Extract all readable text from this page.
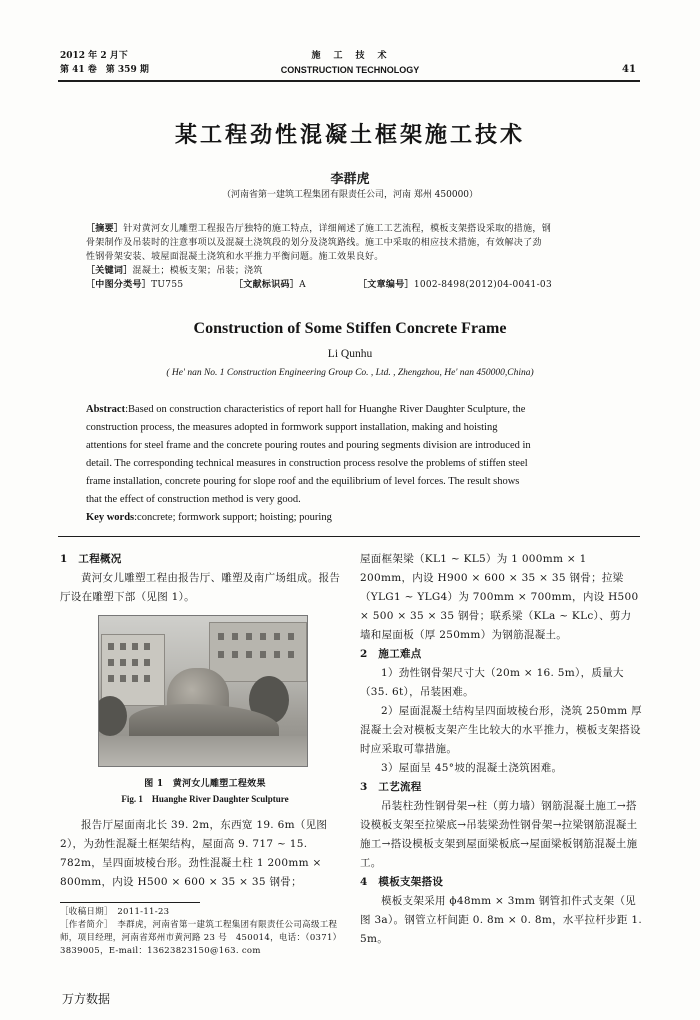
2012 年 2 月下
第 41 卷　第 359 期
施　工　技　术
CONSTRUCTION TECHNOLOGY	41
某工程劲性混凝土框架施工技术
李群虎
（河南省第一建筑工程集团有限责任公司，河南 郑州 450000）
［摘要］针对黄河女儿雕塑工程报告厅独特的施工特点，详细阐述了施工工艺流程，模板支架搭设采取的措施，钢
骨架制作及吊装时的注意事项以及混凝土浇筑段的划分及浇筑路线。施工中采取的相应技术措施，有效解决了劲
性钢骨架安装、坡屋面混凝土浇筑和水平推力平衡问题。施工效果良好。
［关键词］混凝土；模板支架；吊装；浇筑
［中图分类号］TU755	［文献标识码］A	［文章编号］1002-8498(2012)04-0041-03
Construction of Some Stiffen Concrete Frame
Li Qunhu
( He' nan No. 1 Construction Engineering Group Co. , Ltd. , Zhengzhou, He' nan 450000,China)
Abstract:Based on construction characteristics of report hall for Huanghe River Daughter Sculpture, the
construction process, the measures adopted in formwork support installation, making and hoisting
attentions for steel frame and the concrete pouring routes and pouring segments division are introduced in
detail. The corresponding technical measures in construction process resolve the problems of stiffen steel
frame installation, concrete pouring for slope roof and the equilibrium of level forces. The result shows
that the effect of construction method is very good.
Key words:concrete; formwork support; hoisting; pouring
1　工程概况

黄河女儿雕塑工程由报告厅、雕塑及南广场组成。报告厅设在雕塑下部（见图 1）。

图 1　黄河女儿雕塑工程效果
Fig. 1　Huanghe River Daughter Sculpture

报告厅屋面南北长 39. 2m，东西宽 19. 6m（见图 2），为劲性混凝土框架结构，屋面高 9. 717 ~ 15. 782m，呈四面坡棱台形。劲性混凝土柱 1 200mm × 800mm，内设 H500 × 600 × 35 × 35 钢骨；

［收稿日期］　2011-11-23
［作者简介］　李群虎，河南省第一建筑工程集团有限责任公司高级工程师，项目经理，河南省郑州市黄河路 23 号　450014，电话：（0371）3839005，E-mail：13623823150@163. com

屋面框架梁（KL1 ~ KL5）为 1 000mm × 1 200mm，内设 H900 × 600 × 35 × 35 钢骨；拉梁（YLG1 ~ YLG4）为 700mm × 700mm，内设 H500 × 500 × 35 × 35 钢骨；联系梁（KLa ~ KLc）、剪力墙和屋面板（厚 250mm）为钢筋混凝土。

2　施工难点

1）劲性钢骨架尺寸大（20m × 16. 5m），质量大（35. 6t），吊装困难。

2）屋面混凝土结构呈四面坡棱台形，浇筑 250mm 厚混凝土会对模板支架产生比较大的水平推力，模板支架搭设时应采取可靠措施。

3）屋面呈 45°坡的混凝土浇筑困难。

3　工艺流程

吊装柱劲性钢骨架→柱（剪力墙）钢筋混凝土施工→搭设模板支架至拉梁底→吊装梁劲性钢骨架→拉梁钢筋混凝土施工→搭设模板支架到屋面梁板底→屋面梁板钢筋混凝土施工。

4　模板支架搭设

模板支架采用 ϕ48mm × 3mm 钢管扣件式支架（见图 3a）。钢管立杆间距 0. 8m × 0. 8m，水平拉杆步距 1. 5m。

万方数据
